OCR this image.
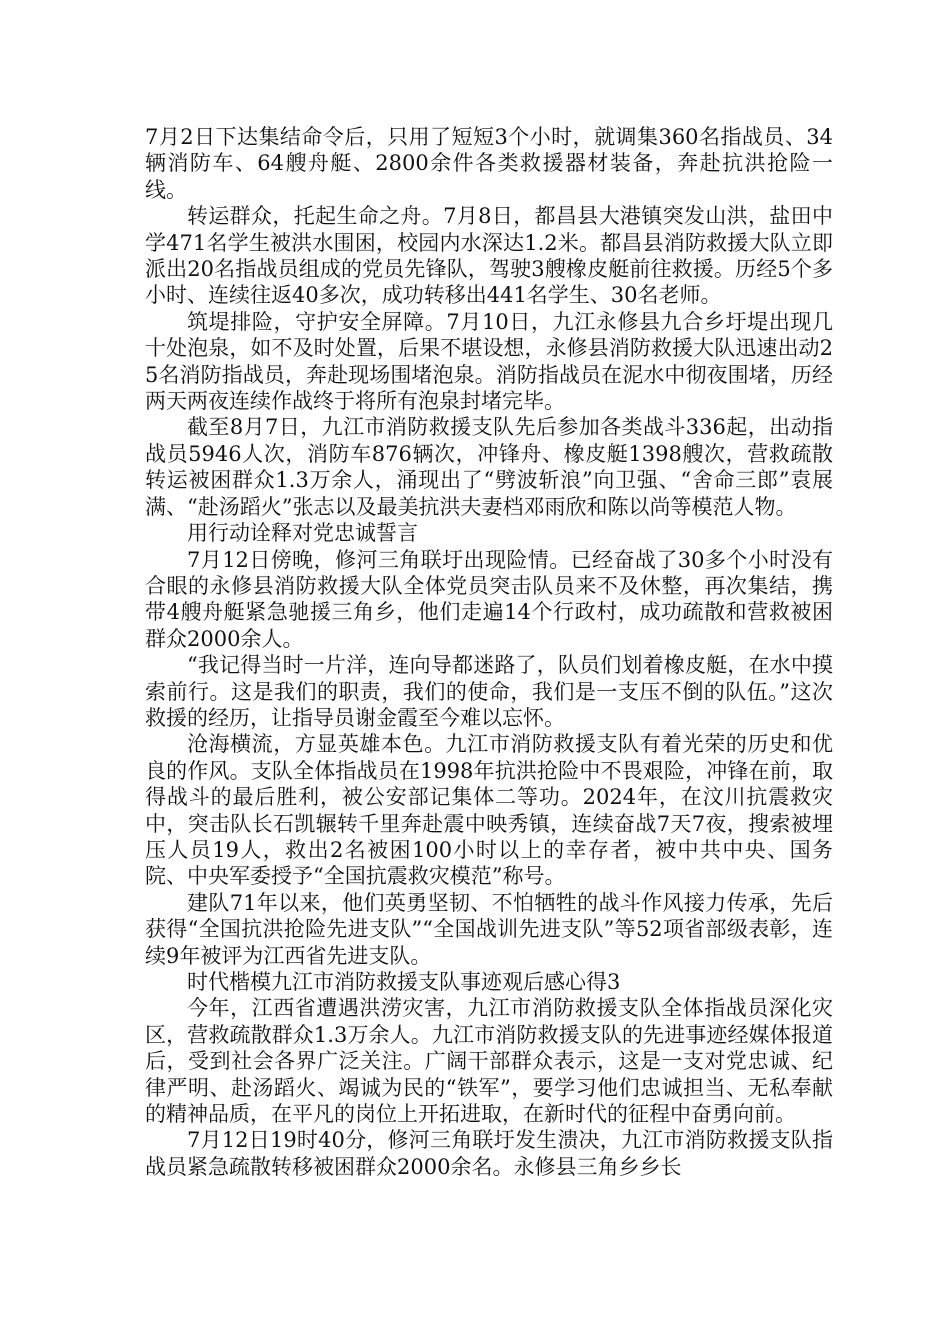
7月2日下达集结命令后，只用了短短3个小时，就调集360名指战员、34辆消防车、64艘舟艇、2800余件各类救援器材装备，奔赴抗洪抢险一线。

转运群众，托起生命之舟。7月8日，都昌县大港镇突发山洪，盐田中学471名学生被洪水围困，校园内水深达1.2米。都昌县消防救援大队立即派出20名指战员组成的党员先锋队，驾驶3艘橡皮艇前往救援。历经5个多小时、连续往返40多次，成功转移出441名学生、30名老师。

筑堤排险，守护安全屏障。7月10日，九江永修县九合乡圩堤出现几十处泡泉，如不及时处置，后果不堪设想，永修县消防救援大队迅速出动25名消防指战员，奔赴现场围堵泡泉。消防指战员在泥水中彻夜围堵，历经两天两夜连续作战终于将所有泡泉封堵完毕。

截至8月7日，九江市消防救援支队先后参加各类战斗336起，出动指战员5946人次，消防车876辆次，冲锋舟、橡皮艇1398艘次，营救疏散转运被困群众1.3万余人，涌现出了“劈波斩浪”向卫强、“舍命三郎”袁展满、“赴汤蹈火”张志以及最美抗洪夫妻档邓雨欣和陈以尚等模范人物。

用行动诠释对党忠诚誓言

7月12日傍晚，修河三角联圩出现险情。已经奋战了30多个小时没有合眼的永修县消防救援大队全体党员突击队员来不及休整，再次集结，携带4艘舟艇紧急驰援三角乡，他们走遍14个行政村，成功疏散和营救被困群众2000余人。

“我记得当时一片洋，连向导都迷路了，队员们划着橡皮艇，在水中摸索前行。这是我们的职责，我们的使命，我们是一支压不倒的队伍。”这次救援的经历，让指导员谢金霞至今难以忘怀。

沧海横流，方显英雄本色。九江市消防救援支队有着光荣的历史和优良的作风。支队全体指战员在1998年抗洪抢险中不畏艰险，冲锋在前，取得战斗的最后胜利，被公安部记集体二等功。2024年，在汶川抗震救灾中，突击队长石凯辗转千里奔赴震中映秀镇，连续奋战7天7夜，搜索被埋压人员19人，救出2名被困100小时以上的幸存者，被中共中央、国务院、中央军委授予“全国抗震救灾模范”称号。

建队71年以来，他们英勇坚韧、不怕牺牲的战斗作风接力传承，先后获得“全国抗洪抢险先进支队”“全国战训先进支队”等52项省部级表彰，连续9年被评为江西省先进支队。

时代楷模九江市消防救援支队事迹观后感心得3

今年，江西省遭遇洪涝灾害，九江市消防救援支队全体指战员深化灾区，营救疏散群众1.3万余人。九江市消防救援支队的先进事迹经媒体报道后，受到社会各界广泛关注。广阔干部群众表示，这是一支对党忠诚、纪律严明、赴汤蹈火、竭诚为民的“铁军”，要学习他们忠诚担当、无私奉献的精神品质，在平凡的岗位上开拓进取，在新时代的征程中奋勇向前。

7月12日19时40分，修河三角联圩发生溃决，九江市消防救援支队指战员紧急疏散转移被困群众2000余名。永修县三角乡乡长
